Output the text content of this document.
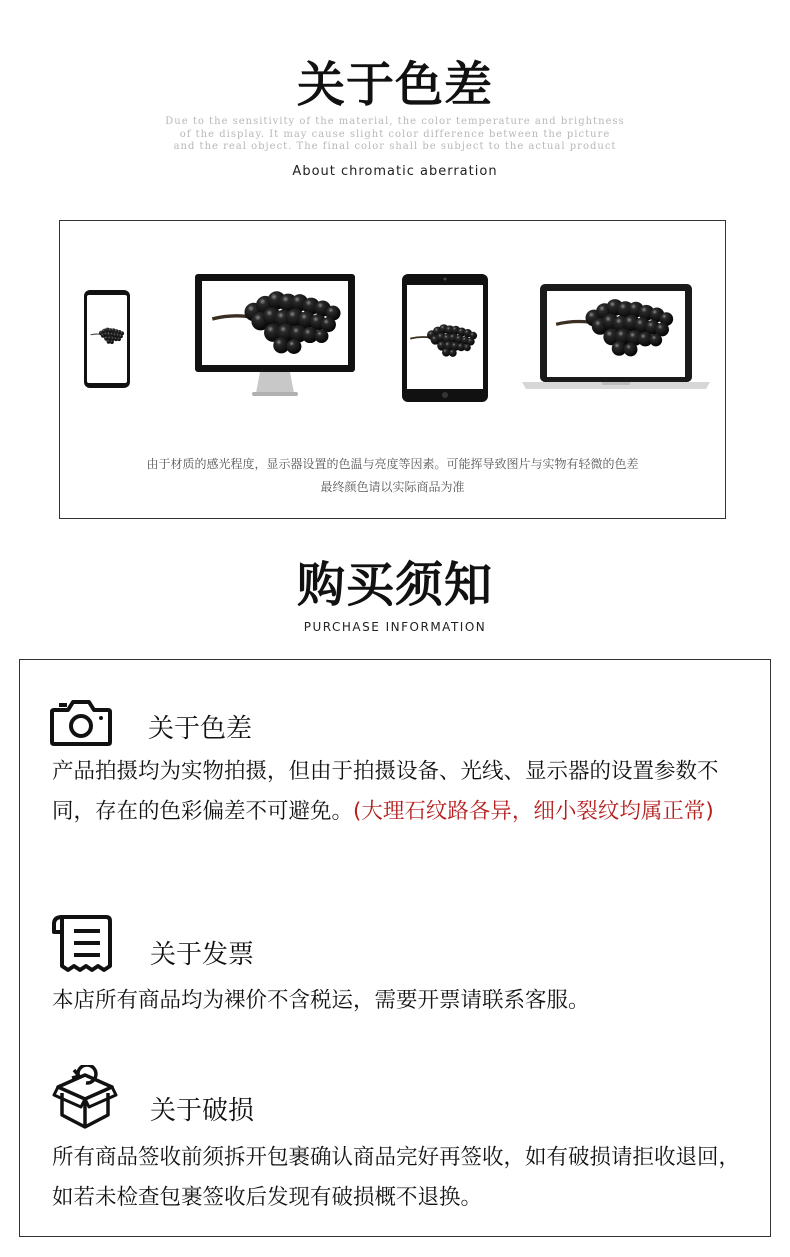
关于色差
Due to the sensitivity of the material, the color temperature and brightness
of the display. It may cause slight color difference between the picture
and the real object. The final color shall be subject to the actual product
About chromatic aberration
由于材质的感光程度，显示器设置的色温与亮度等因素。可能挥导致图片与实物有轻微的色差
最终颜色请以实际商品为准
购买须知
PURCHASE INFORMATION
关于色差
产品拍摄均为实物拍摄，但由于拍摄设备、光线、显示器的设置参数不同，存在的色彩偏差不可避免。(大理石纹路各异，细小裂纹均属正常)
关于发票
本店所有商品均为裸价不含税运，需要开票请联系客服。
关于破损
所有商品签收前须拆开包裹确认商品完好再签收，如有破损请拒收退回，如若未检查包裹签收后发现有破损概不退换。
